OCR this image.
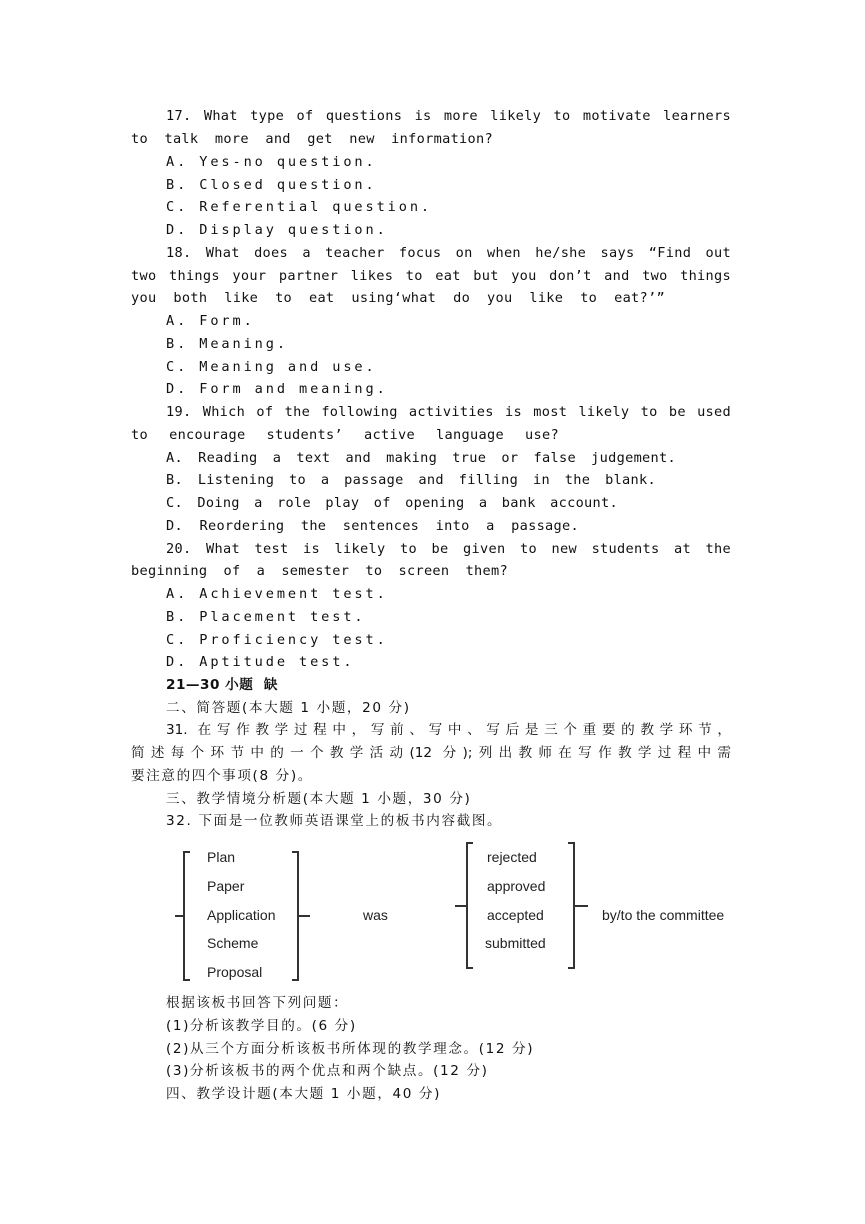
17. What type of questions is more likely to motivate learners
to talk more and get new information?
A. Yes-no question.
B. Closed question.
C. Referential question.
D. Display question.
18. What does a teacher focus on when he/she says “Find out
two things your partner likes to eat but you don’t and two things
you both like to eat using‘what do you like to eat?’”
A. Form.
B. Meaning.
C. Meaning and use.
D. Form and meaning.
19. Which of the following activities is most likely to be used
to encourage students’ active language use?
A. Reading a text and making true or false judgement.
B. Listening to a passage and filling in the blank.
C. Doing a role play of opening a bank account.
D. Reordering the sentences into a passage.
20. What test is likely to be given to new students at the
beginning of a semester to screen them?
A. Achievement test.
B. Placement test.
C. Proficiency test.
D. Aptitude test.
21—30 小题  缺
二、简答题(本大题 1 小题，20 分)
31. 在写作教学过程中，写前、写中、写后是三个重要的教学环节，
简述每个环节中的一个教学活动(12 分);列出教师在写作教学过程中需
要注意的四个事项(8 分)。
三、教学情境分析题(本大题 1 小题，30 分)
32. 下面是一位教师英语课堂上的板书内容截图。
Plan
Paper
Application
Scheme
Proposal
was
rejected
approved
accepted
submitted
by/to the committee
根据该板书回答下列问题：
(1)分析该教学目的。(6 分)
(2)从三个方面分析该板书所体现的教学理念。(12 分)
(3)分析该板书的两个优点和两个缺点。(12 分)
四、教学设计题(本大题 1 小题，40 分)
